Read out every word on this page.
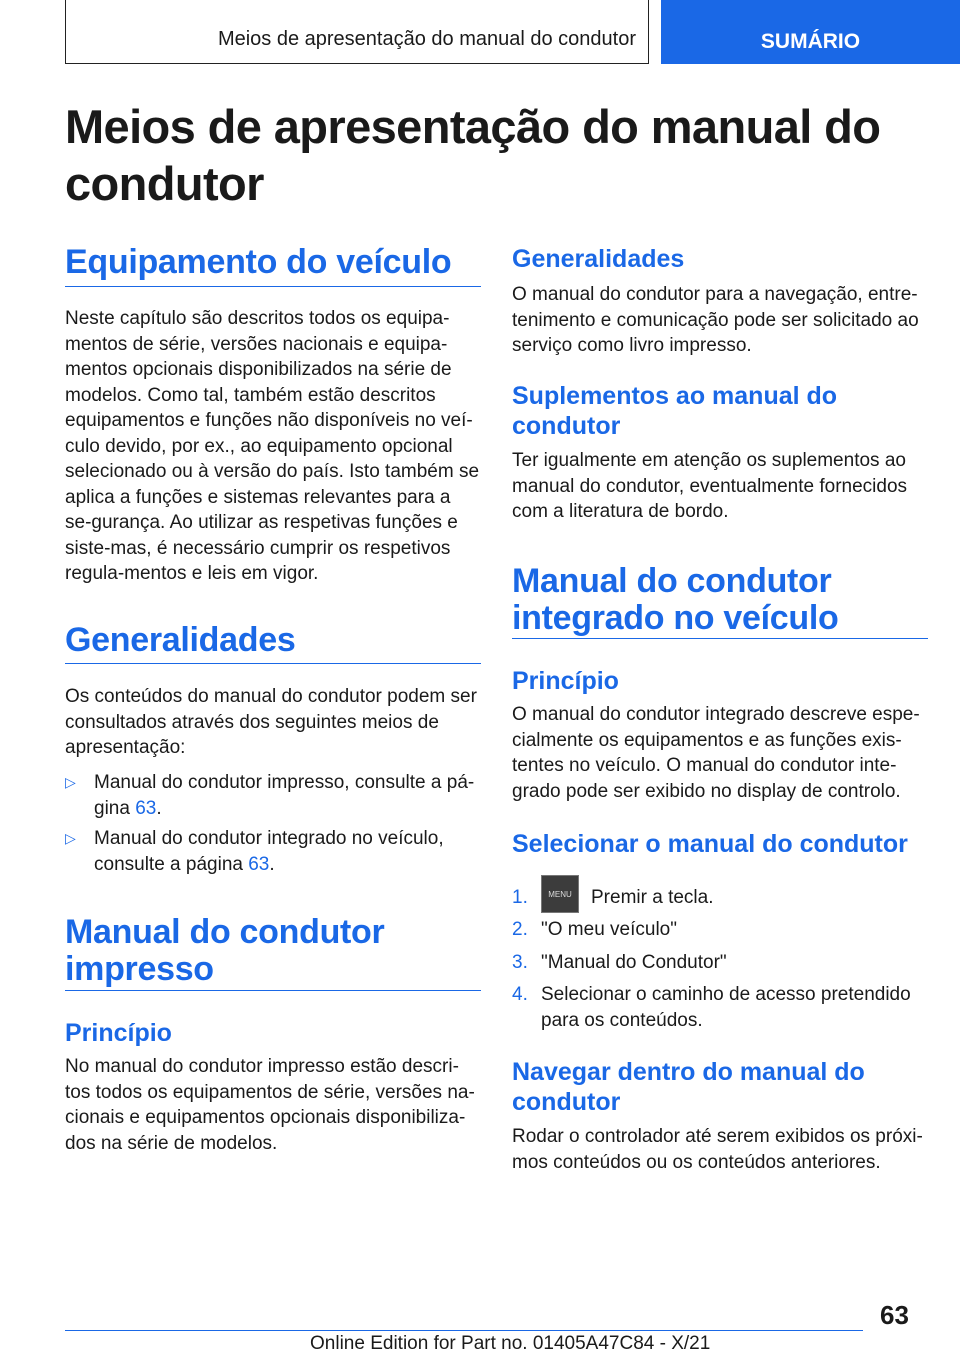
Meios de apresentação do manual do condutor	SUMÁRIO
Meios de apresentação do manual do condutor
Equipamento do veículo
Neste capítulo são descritos todos os equipa-mentos de série, versões nacionais e equipa-mentos opcionais disponibilizados na série de modelos. Como tal, também estão descritos equipamentos e funções não disponíveis no veí-culo devido, por ex., ao equipamento opcional selecionado ou à versão do país. Isto também se aplica a funções e sistemas relevantes para a se-gurança. Ao utilizar as respetivas funções e siste-mas, é necessário cumprir os respetivos regula-mentos e leis em vigor.
Generalidades
Os conteúdos do manual do condutor podem ser consultados através dos seguintes meios de apresentação:
▷ Manual do condutor impresso, consulte a pá-gina 63.
▷ Manual do condutor integrado no veículo, consulte a página 63.
Manual do condutor impresso
Princípio
No manual do condutor impresso estão descri-tos todos os equipamentos de série, versões na-cionais e equipamentos opcionais disponibiliza-dos na série de modelos.
Generalidades
O manual do condutor para a navegação, entre-tenimento e comunicação pode ser solicitado ao serviço como livro impresso.
Suplementos ao manual do condutor
Ter igualmente em atenção os suplementos ao manual do condutor, eventualmente fornecidos com a literatura de bordo.
Manual do condutor integrado no veículo
Princípio
O manual do condutor integrado descreve espe-cialmente os equipamentos e as funções exis-tentes no veículo. O manual do condutor inte-grado pode ser exibido no display de controlo.
Selecionar o manual do condutor
1.	MENU	Premir a tecla.
2. "O meu veículo"
3. "Manual do Condutor"
4. Selecionar o caminho de acesso pretendido para os conteúdos.
Navegar dentro do manual do condutor
Rodar o controlador até serem exibidos os próxi-mos conteúdos ou os conteúdos anteriores.
63
Online Edition for Part no. 01405A47C84 - X/21
